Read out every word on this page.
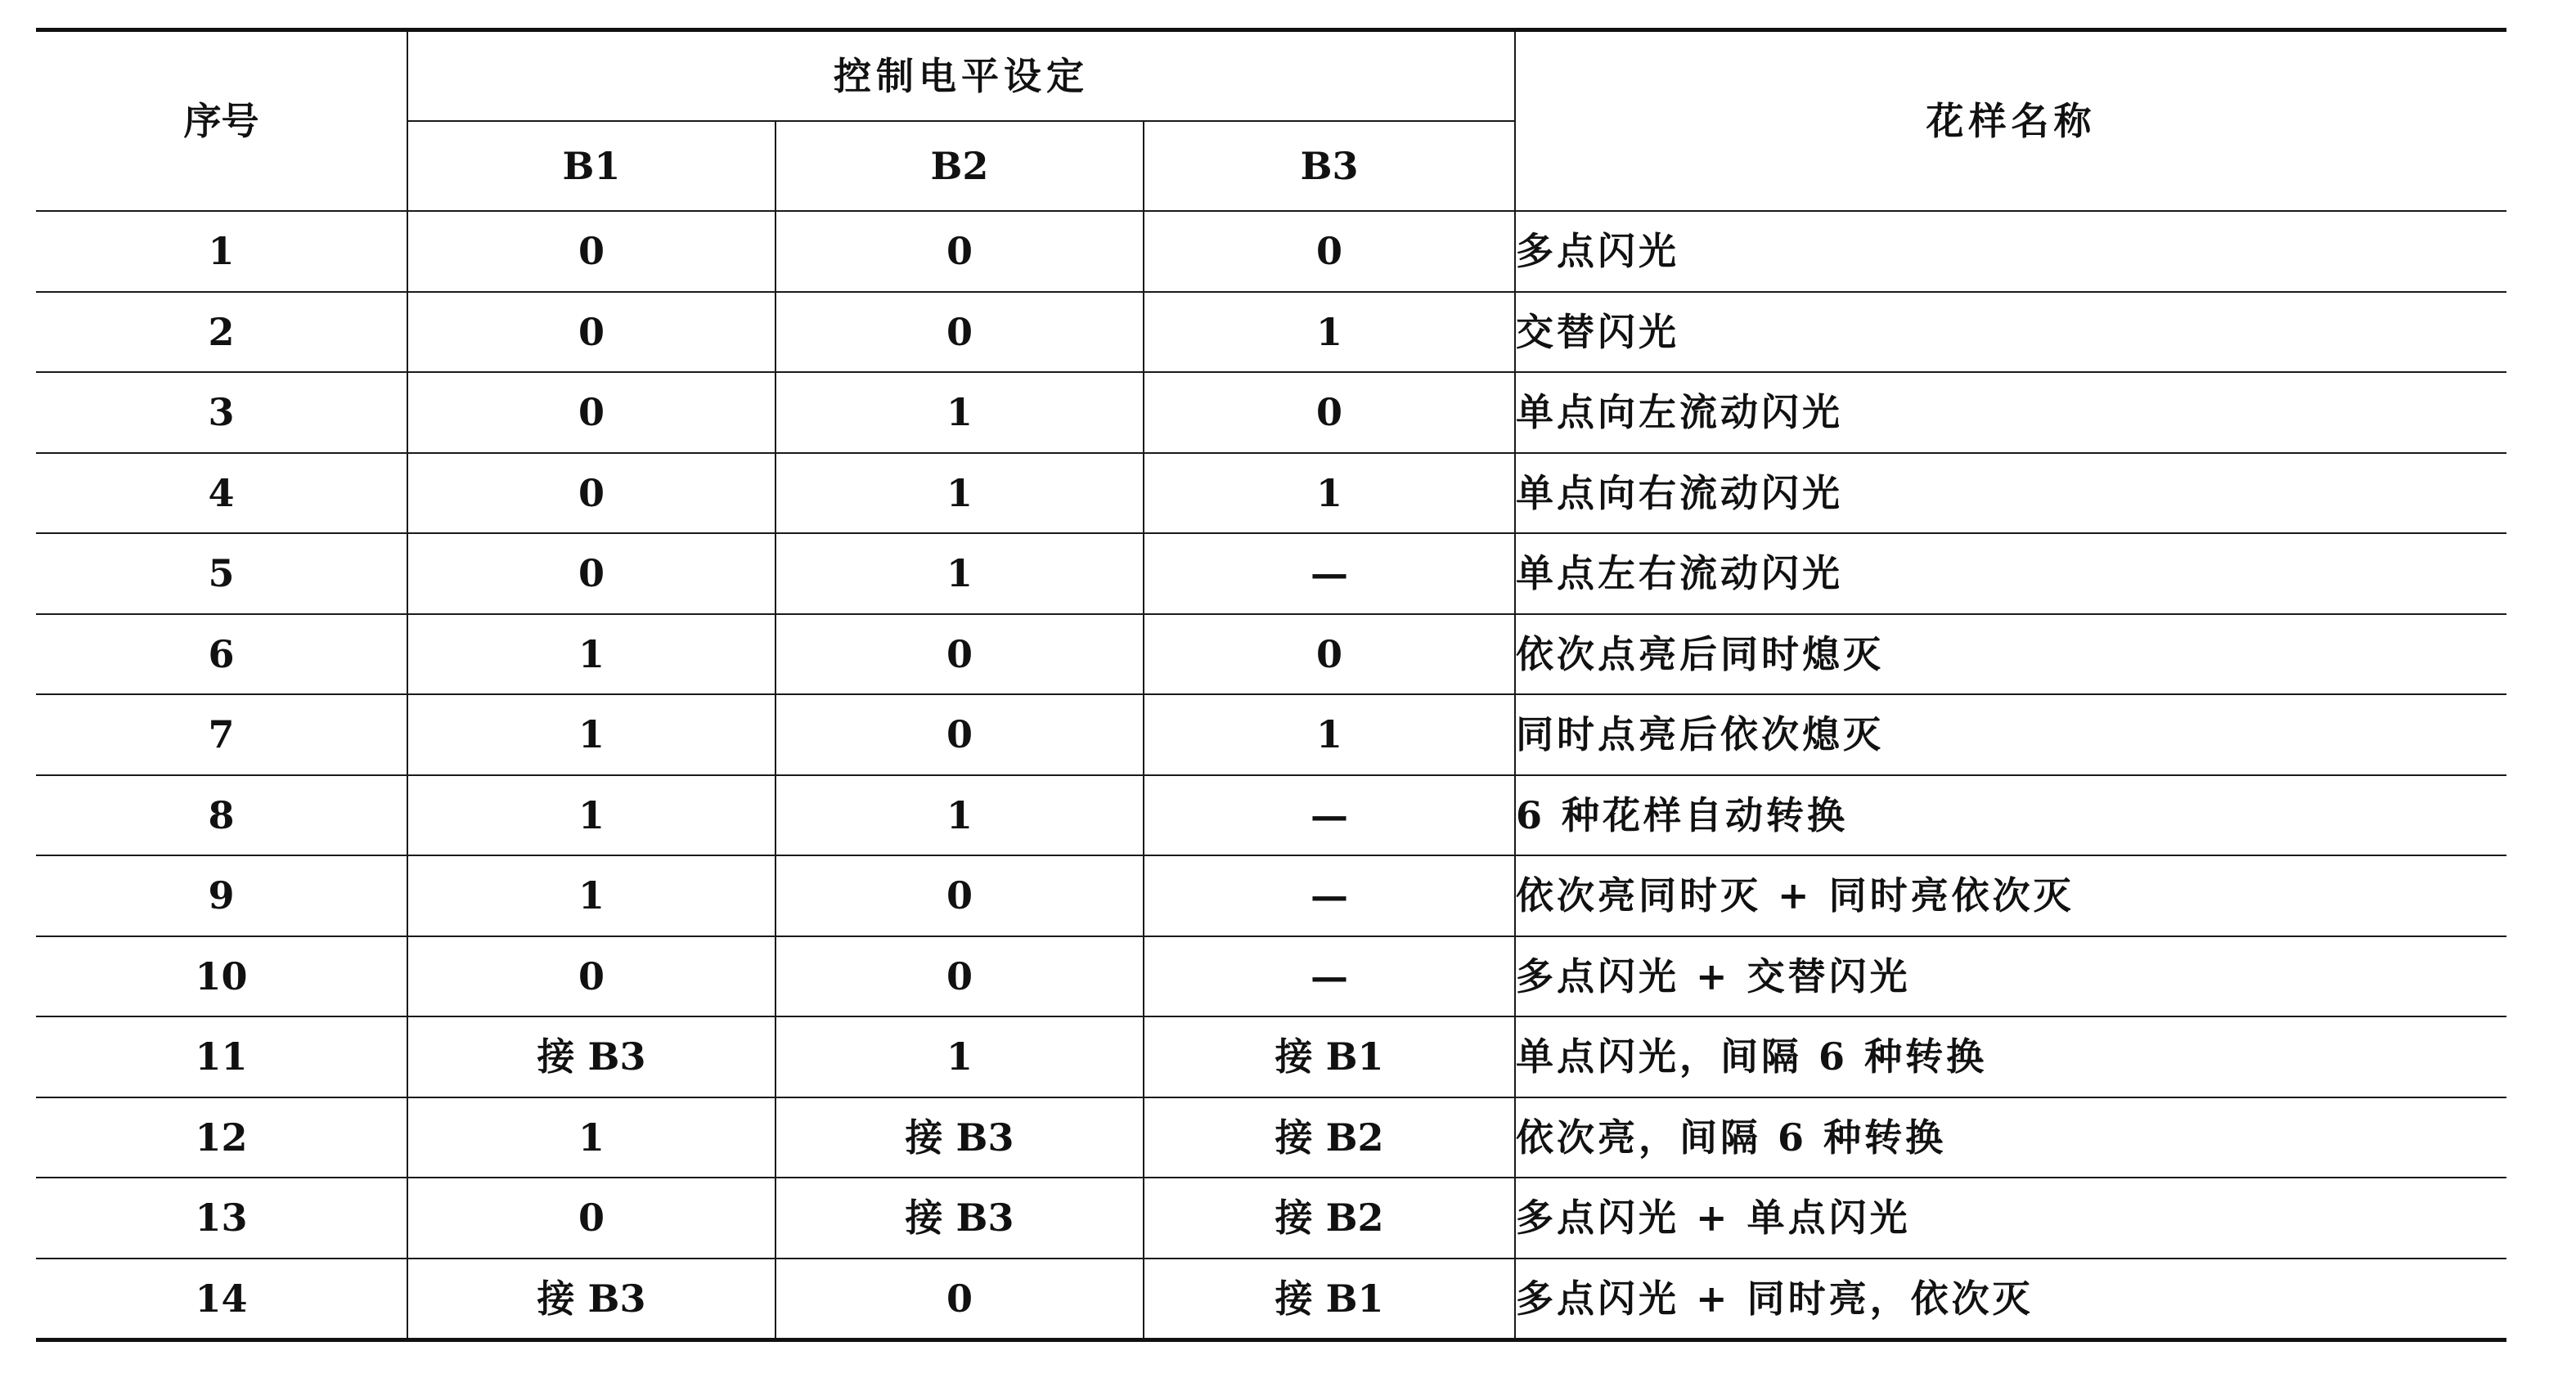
序号	控制电平设定			花样名称
	B1	B2	B3	
1	0	0	0	多点闪光
2	0	0	1	交替闪光
3	0	1	0	单点向左流动闪光
4	0	1	1	单点向右流动闪光
5	0	1	—	单点左右流动闪光
6	1	0	0	依次点亮后同时熄灭
7	1	0	1	同时点亮后依次熄灭
8	1	1	—	6 种花样自动转换
9	1	0	—	依次亮同时灭 + 同时亮依次灭
10	0	0	—	多点闪光 + 交替闪光
11	接 B3	1	接 B1	单点闪光，间隔 6 种转换
12	1	接 B3	接 B2	依次亮，间隔 6 种转换
13	0	接 B3	接 B2	多点闪光 + 单点闪光
14	接 B3	0	接 B1	多点闪光 + 同时亮，依次灭
